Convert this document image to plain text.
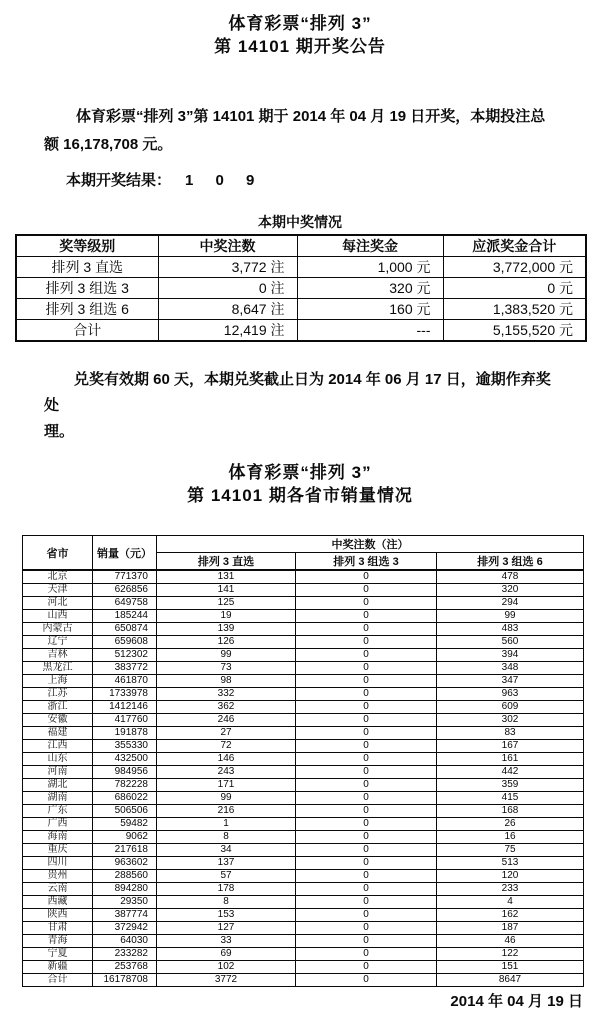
体育彩票“排列 3”
第 14101 期开奖公告
体育彩票“排列 3”第 14101 期于 2014 年 04 月 19 日开奖，本期投注总
额 16,178,708 元。
本期开奖结果： 1 0 9
本期中奖情况
奖等级别	中奖注数	每注奖金	应派奖金合计
排列 3 直选	3,772 注	1,000 元	3,772,000 元
排列 3 组选 3	0 注	320 元	0 元
排列 3 组选 6	8,647 注	160 元	1,383,520 元
合计	12,419 注	---	5,155,520 元
兑奖有效期 60 天，本期兑奖截止日为 2014 年 06 月 17 日，逾期作弃奖处
理。
体育彩票“排列 3”
第 14101 期各省市销量情况
省市	销量（元）	中奖注数（注）		
		排列 3 直选	排列 3 组选 3	排列 3 组选 6
北京	771370	131	0	478
天津	626856	141	0	320
河北	649758	125	0	294
山西	185244	19	0	99
内蒙古	650874	139	0	483
辽宁	659608	126	0	560
吉林	512302	99	0	394
黑龙江	383772	73	0	348
上海	461870	98	0	347
江苏	1733978	332	0	963
浙江	1412146	362	0	609
安徽	417760	246	0	302
福建	191878	27	0	83
江西	355330	72	0	167
山东	432500	146	0	161
河南	984956	243	0	442
湖北	782228	171	0	359
湖南	686022	99	0	415
广东	506506	216	0	168
广西	59482	1	0	26
海南	9062	8	0	16
重庆	217618	34	0	75
四川	963602	137	0	513
贵州	288560	57	0	120
云南	894280	178	0	233
西藏	29350	8	0	4
陕西	387774	153	0	162
甘肃	372942	127	0	187
青海	64030	33	0	46
宁夏	233282	69	0	122
新疆	253768	102	0	151
合计	16178708	3772	0	8647
2014 年 04 月 19 日
